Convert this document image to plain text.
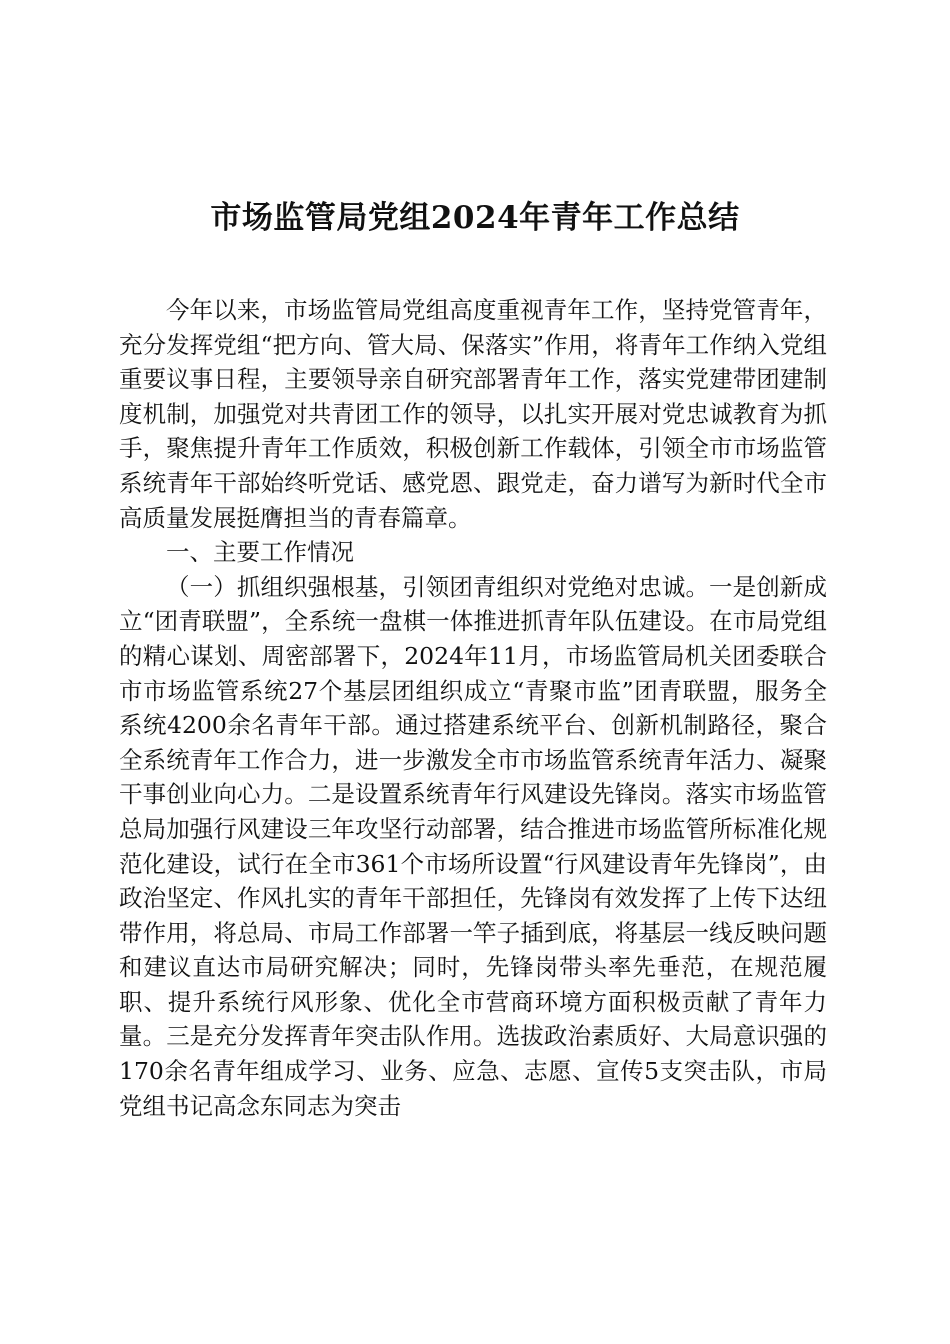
市场监管局党组2024年青年工作总结

今年以来，市场监管局党组高度重视青年工作，坚持党管青年，充分发挥党组“把方向、管大局、保落实”作用，将青年工作纳入党组重要议事日程，主要领导亲自研究部署青年工作，落实党建带团建制度机制，加强党对共青团工作的领导，以扎实开展对党忠诚教育为抓手，聚焦提升青年工作质效，积极创新工作载体，引领全市市场监管系统青年干部始终听党话、感党恩、跟党走，奋力谱写为新时代全市高质量发展挺膺担当的青春篇章。

一、主要工作情况

（一）抓组织强根基，引领团青组织对党绝对忠诚。一是创新成立“团青联盟”，全系统一盘棋一体推进抓青年队伍建设。在市局党组的精心谋划、周密部署下，2024年11月，市场监管局机关团委联合市市场监管系统27个基层团组织成立“青聚市监”团青联盟，服务全系统4200余名青年干部。通过搭建系统平台、创新机制路径，聚合全系统青年工作合力，进一步激发全市市场监管系统青年活力、凝聚干事创业向心力。二是设置系统青年行风建设先锋岗。落实市场监管总局加强行风建设三年攻坚行动部署，结合推进市场监管所标准化规范化建设，试行在全市361个市场所设置“行风建设青年先锋岗”，由政治坚定、作风扎实的青年干部担任，先锋岗有效发挥了上传下达纽带作用，将总局、市局工作部署一竿子插到底，将基层一线反映问题和建议直达市局研究解决；同时，先锋岗带头率先垂范，在规范履职、提升系统行风形象、优化全市营商环境方面积极贡献了青年力量。三是充分发挥青年突击队作用。选拔政治素质好、大局意识强的170余名青年组成学习、业务、应急、志愿、宣传5支突击队，市局党组书记高念东同志为突击
